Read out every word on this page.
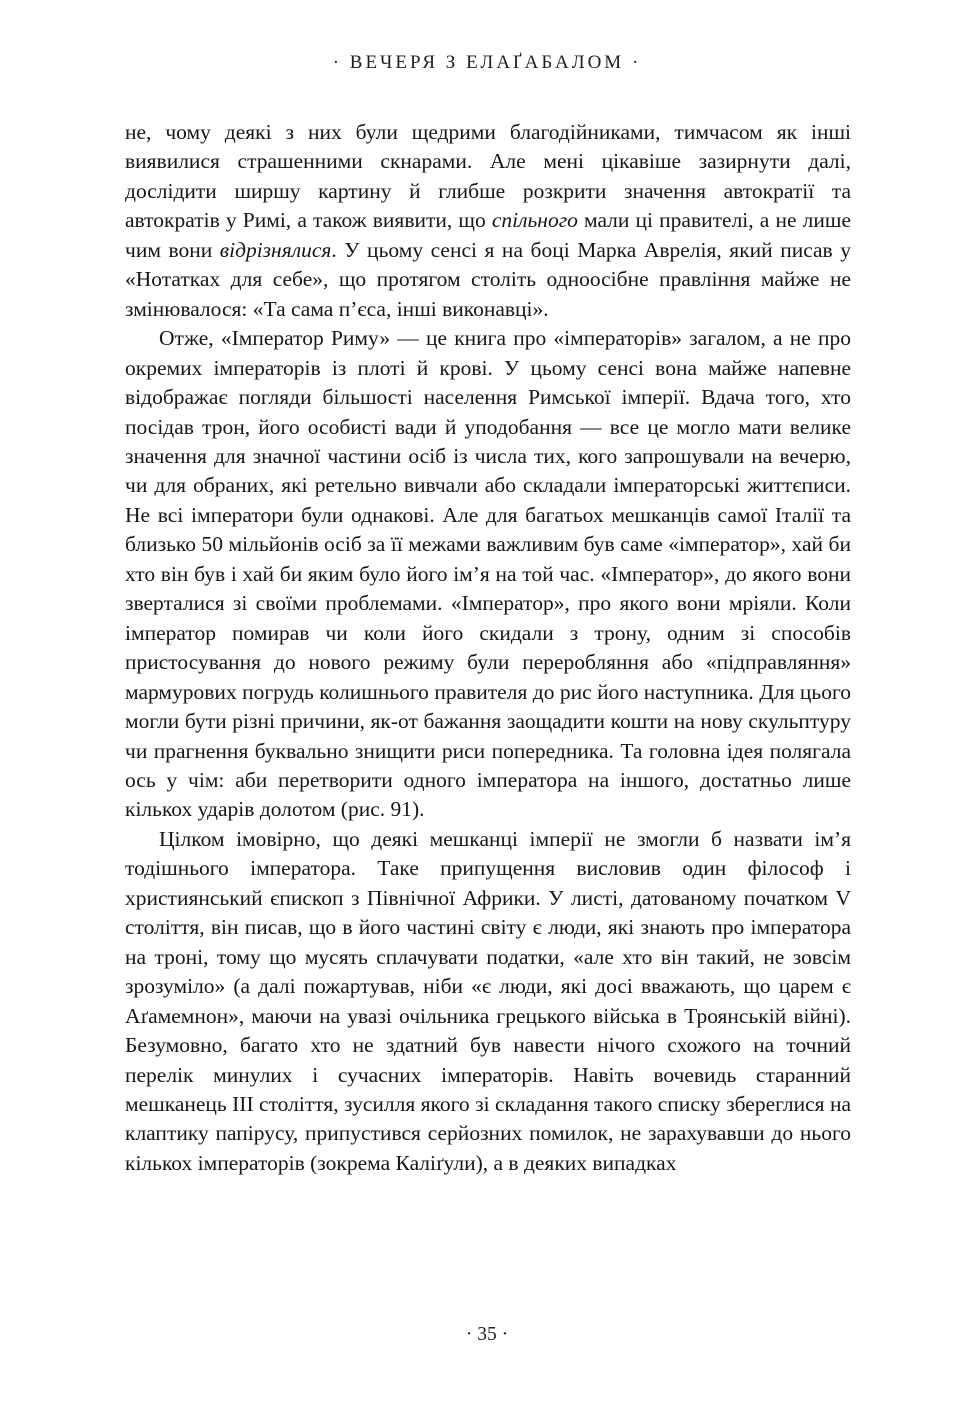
· ВЕЧЕРЯ З ЕЛАҐАБАЛОМ ·

не, чому деякі з них були щедрими благодійниками, тимчасом як інші виявилися страшенними скнарами. Але мені цікавіше зазирнути далі, дослідити ширшу картину й глибше розкрити значення автократії та автократів у Римі, а також виявити, що спільного мали ці правителі, а не лише чим вони відрізнялися. У цьому сенсі я на боці Марка Аврелія, який писав у «Нотатках для себе», що протягом століть одноосібне правління майже не змінювалося: «Та сама п’єса, інші виконавці».

Отже, «Імператор Риму» — це книга про «імператорів» загалом, а не про окремих імператорів із плоті й крові. У цьому сенсі вона майже напевне відображає погляди більшості населення Римської імперії. Вдача того, хто посідав трон, його особисті вади й уподобання — все це могло мати велике значення для значної частини осіб із числа тих, кого запрошували на вечерю, чи для обраних, які ретельно вивчали або складали імператорські життєписи. Не всі імператори були однакові. Але для багатьох мешканців самої Італії та близько 50 мільйонів осіб за її межами важливим був саме «імператор», хай би хто він був і хай би яким було його ім’я на той час. «Імператор», до якого вони зверталися зі своїми проблемами. «Імператор», про якого вони мріяли. Коли імператор помирав чи коли його скидали з трону, одним зі способів пристосування до нового режиму були переробляння або «підправляння» мармурових погрудь колишнього правителя до рис його наступника. Для цього могли бути різні причини, як-от бажання заощадити кошти на нову скульптуру чи прагнення буквально знищити риси попередника. Та головна ідея полягала ось у чім: аби перетворити одного імператора на іншого, достатньо лише кількох ударів долотом (рис. 91).

Цілком імовірно, що деякі мешканці імперії не змогли б назвати ім’я тодішнього імператора. Таке припущення висловив один філософ і християнський єпископ з Північної Африки. У листі, датованому початком V століття, він писав, що в його частині світу є люди, які знають про імператора на троні, тому що мусять сплачувати податки, «але хто він такий, не зовсім зрозуміло» (а далі пожартував, ніби «є люди, які досі вважають, що царем є Аґамемнон», маючи на увазі очільника грецького війська в Троянській війні). Безумовно, багато хто не здатний був навести нічого схожого на точний перелік минулих і сучасних імператорів. Навіть вочевидь старанний мешканець III століття, зусилля якого зі складання такого списку збереглися на клаптику папірусу, припустився серйозних помилок, не зарахувавши до нього кількох імператорів (зокрема Каліґули), а в деяких випадках

· 35 ·
